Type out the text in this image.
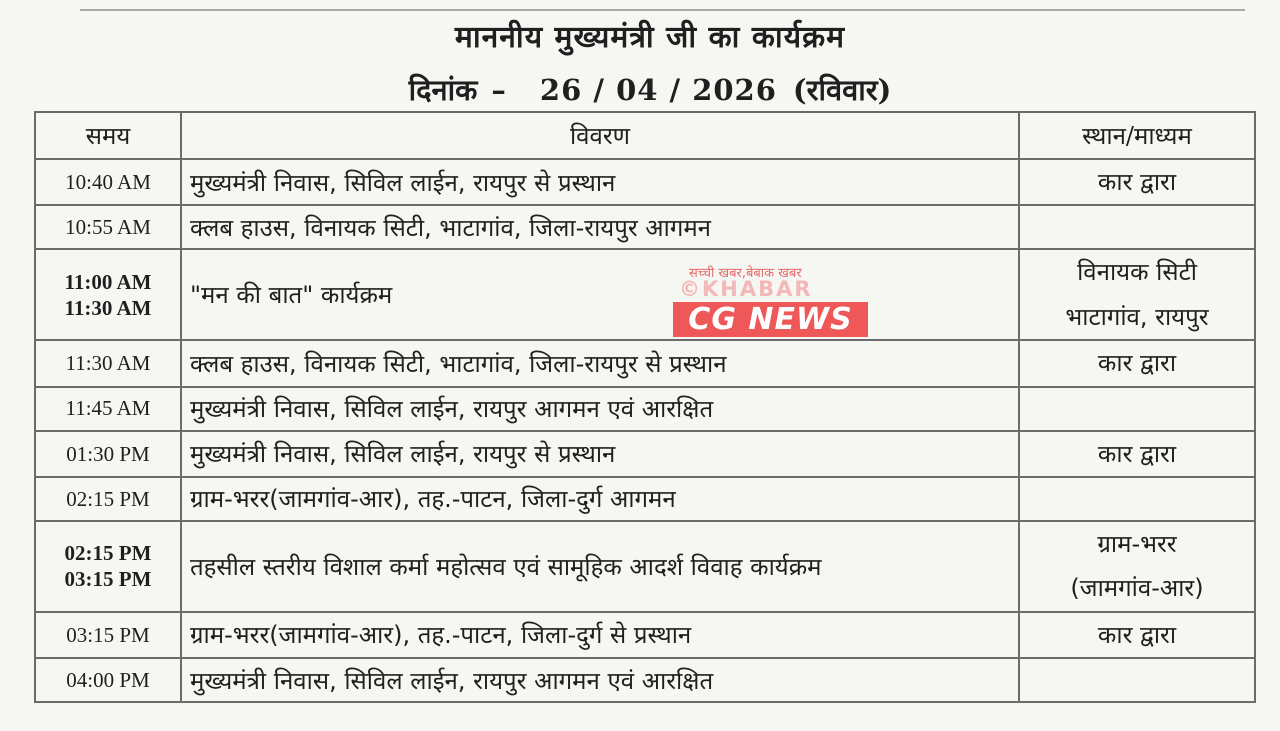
माननीय मुख्यमंत्री जी का कार्यक्रम
दिनांक – 26 / 04 / 2026 (रविवार)
समय	विवरण	स्थान/माध्यम

10:40 AM	मुख्यमंत्री निवास, सिविल लाईन, रायपुर से प्रस्थान	कार द्वारा

10:55 AM	क्लब हाउस, विनायक सिटी, भाटागांव, जिला-रायपुर आगमन	

11:00 AM
11:30 AM	"मन की बात" कार्यक्रम	विनायक सिटी
भाटागांव, रायपुर

11:30 AM	क्लब हाउस, विनायक सिटी, भाटागांव, जिला-रायपुर से प्रस्थान	कार द्वारा

11:45 AM	मुख्यमंत्री निवास, सिविल लाईन, रायपुर आगमन एवं आरक्षित	

01:30 PM	मुख्यमंत्री निवास, सिविल लाईन, रायपुर से प्रस्थान	कार द्वारा

02:15 PM	ग्राम-भरर(जामगांव-आर), तह.-पाटन, जिला-दुर्ग आगमन	

02:15 PM
03:15 PM	तहसील स्तरीय विशाल कर्मा महोत्सव एवं सामूहिक आदर्श विवाह कार्यक्रम	ग्राम-भरर
(जामगांव-आर)

03:15 PM	ग्राम-भरर(जामगांव-आर), तह.-पाटन, जिला-दुर्ग से प्रस्थान	कार द्वारा

04:00 PM	मुख्यमंत्री निवास, सिविल लाईन, रायपुर आगमन एवं आरक्षित	
सच्ची खबर,बेबाक खबर
©KHABAR
CG NEWS
